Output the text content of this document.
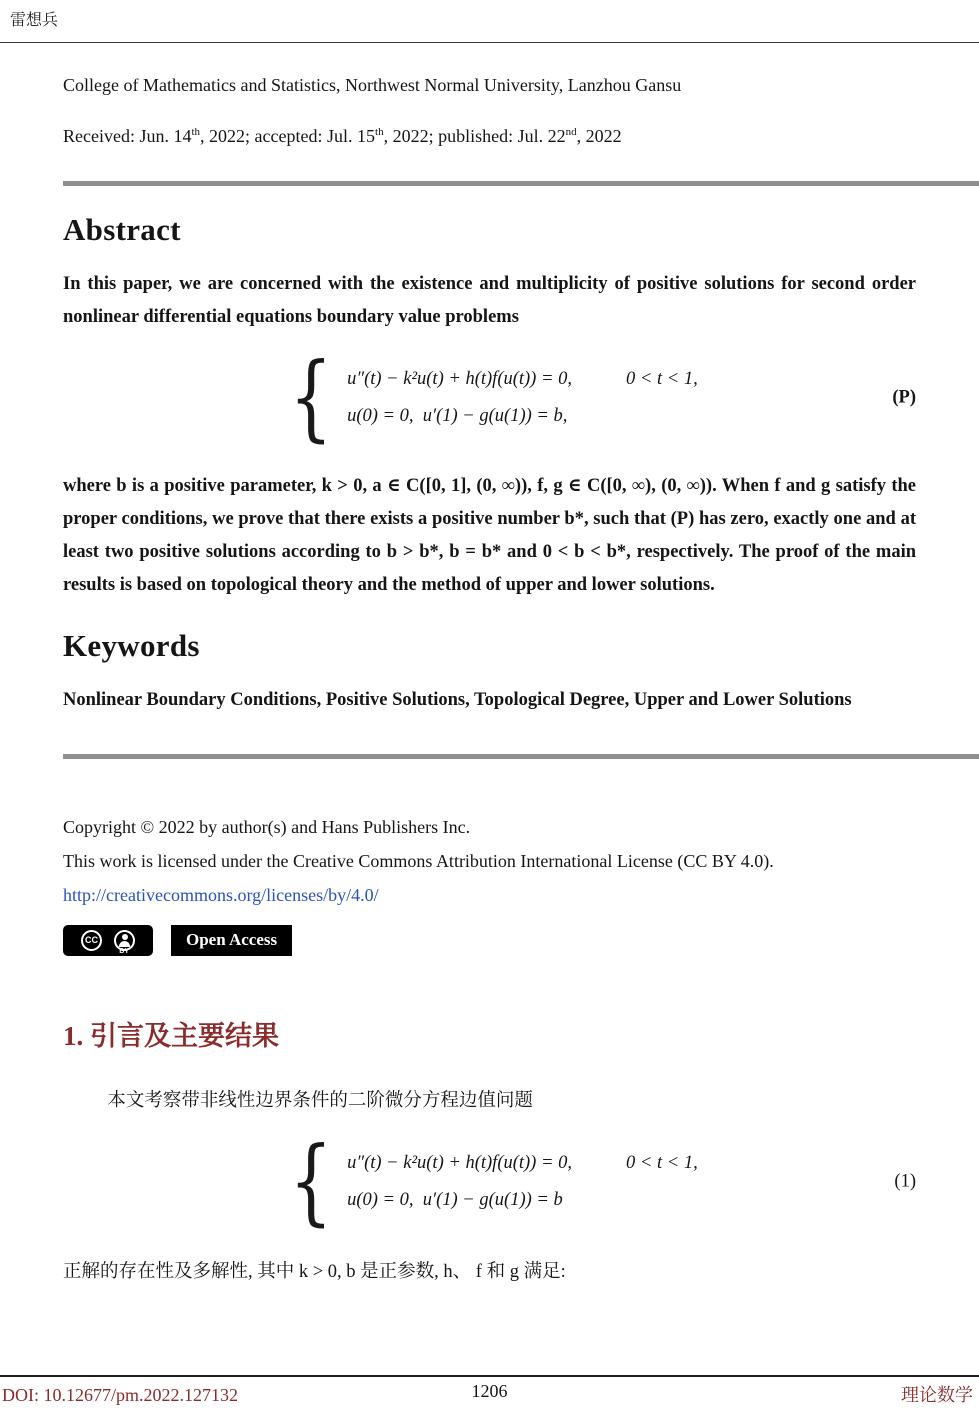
雷想兵

College of Mathematics and Statistics, Northwest Normal University, Lanzhou Gansu

Received: Jun. 14th, 2022; accepted: Jul. 15th, 2022; published: Jul. 22nd, 2022

Abstract

In this paper, we are concerned with the existence and multiplicity of positive solutions for second order nonlinear differential equations boundary value problems

{ u″(t) − k²u(t) + h(t)f(u(t)) = 0,	0 < t < 1,
u(0) = 0,  u′(1) − g(u(1)) = b,
(P)

where b is a positive parameter, k > 0, a ∈ C([0, 1], (0, ∞)), f, g ∈ C([0, ∞), (0, ∞)). When f and g satisfy the proper conditions, we prove that there exists a positive number b*, such that (P) has zero, exactly one and at least two positive solutions according to b > b*, b = b* and 0 < b < b*, respectively. The proof of the main results is based on topological theory and the method of upper and lower solutions.

Keywords

Nonlinear Boundary Conditions, Positive Solutions, Topological Degree, Upper and Lower Solutions

Copyright © 2022 by author(s) and Hans Publishers Inc.
This work is licensed under the Creative Commons Attribution International License (CC BY 4.0).
http://creativecommons.org/licenses/by/4.0/
CC
BY
Open Access
1. 引言及主要结果

本文考察带非线性边界条件的二阶微分方程边值问题

{ u″(t) − k²u(t) + h(t)f(u(t)) = 0,	0 < t < 1,
u(0) = 0,  u′(1) − g(u(1)) = b
(1)

正解的存在性及多解性, 其中 k > 0, b 是正参数, h、 f 和 g 满足:

DOI: 10.12677/pm.2022.127132	1206	理论数学
